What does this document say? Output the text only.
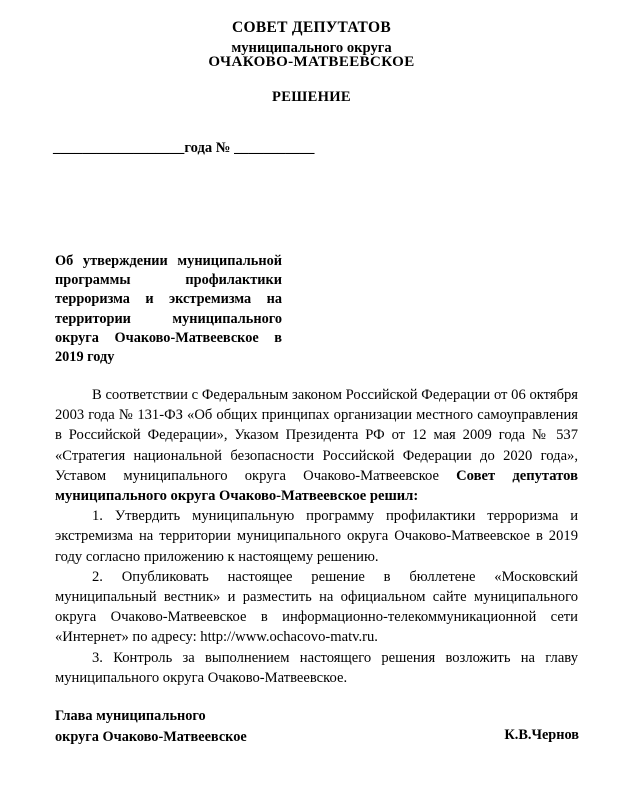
СОВЕТ ДЕПУТАТОВ
муниципального округа
ОЧАКОВО-МАТВЕЕВСКОЕ
РЕШЕНИЕ
__________________года № ___________
Об утверждении муниципальной программы профилактики терроризма и экстремизма на территории муниципального округа Очаково-Матвеевское в 2019 году

В соответствии с Федеральным законом Российской Федерации от 06 октября 2003 года № 131-ФЗ «Об общих принципах организации местного самоуправления в Российской Федерации», Указом Президента РФ от 12 мая 2009 года № 537 «Стратегия национальной безопасности Российской Федерации до 2020 года», Уставом муниципального округа Очаково-Матвеевское Совет депутатов муниципального округа Очаково-Матвеевское решил:

1. Утвердить муниципальную программу профилактики терроризма и экстремизма на территории муниципального округа Очаково-Матвеевское в 2019 году согласно приложению к настоящему решению.

2. Опубликовать настоящее решение в бюллетене «Московский муниципальный вестник» и разместить на официальном сайте муниципального округа Очаково-Матвеевское в информационно-телекоммуникационной сети «Интернет» по адресу: http://www.ochacovo-matv.ru.

3. Контроль за выполнением настоящего решения возложить на главу муниципального округа Очаково-Матвеевское.

Глава муниципального
округа Очаково-Матвеевское	К.В.Чернов
